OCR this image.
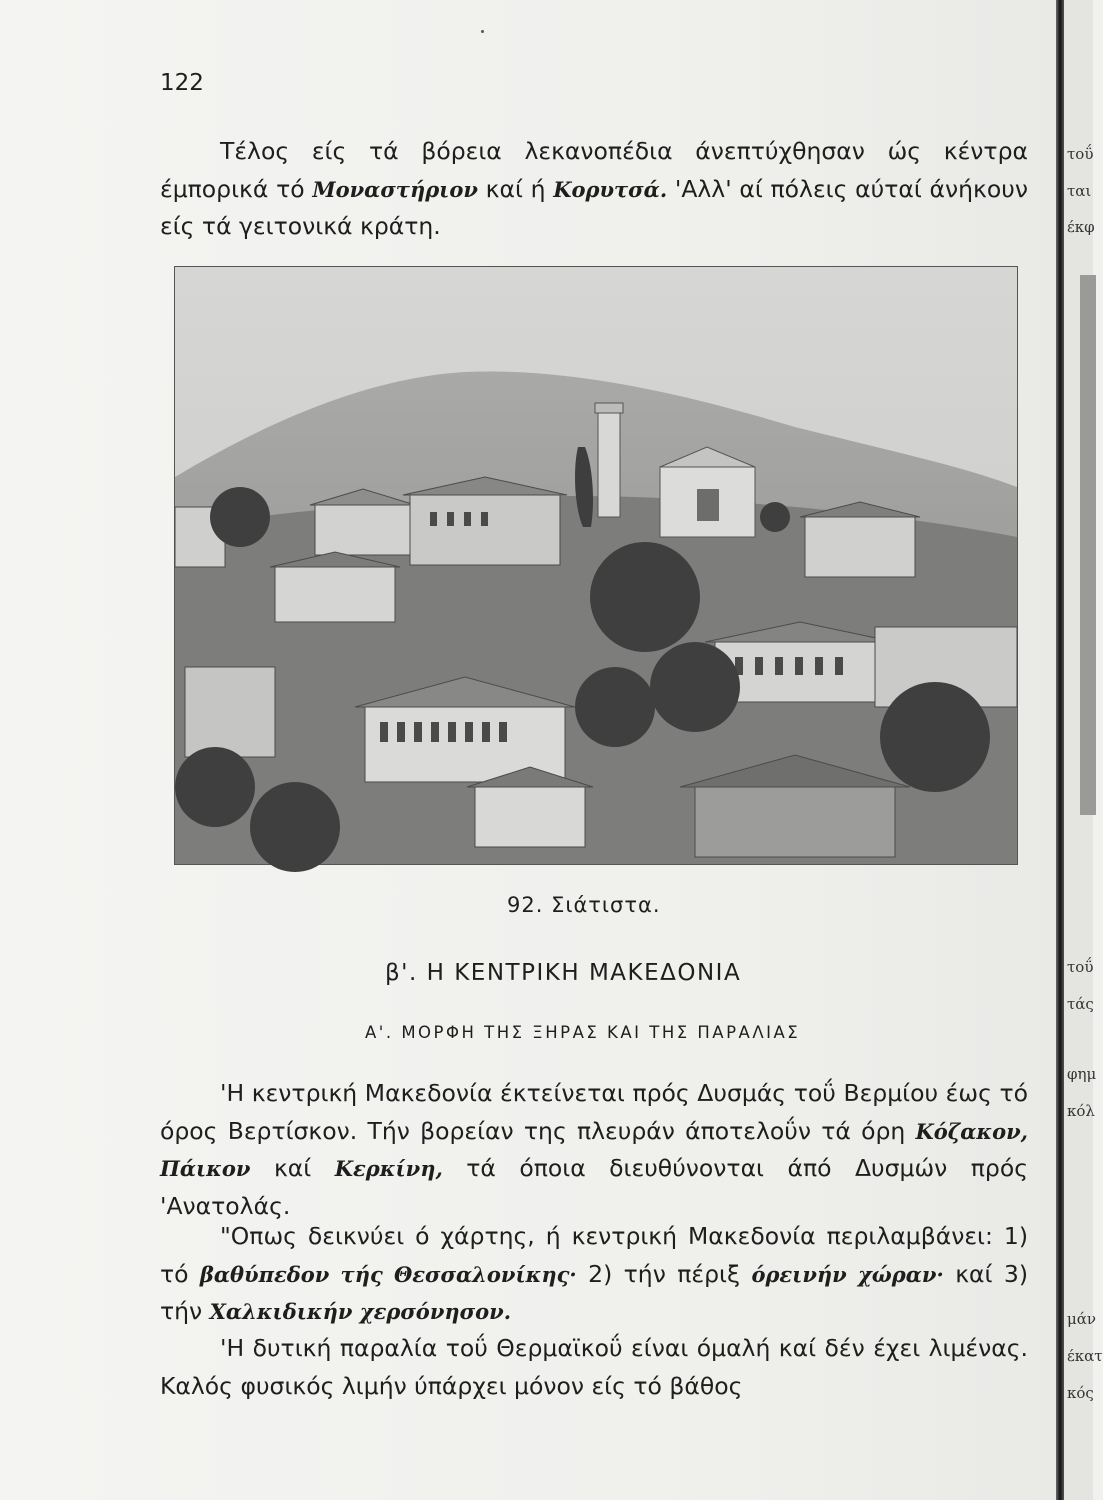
122

Τέλος είς τά βόρεια λεκανοπέδια άνεπτύχθησαν ώς κέντρα έμπορικά τό Μοναστήριον καί ή Κορυτσά. 'Αλλ' αί πόλεις αύταί άνήκουν είς τά γειτονικά κράτη.

92. Σιάτιστα.
β'. Η ΚΕΝΤΡΙΚΗ ΜΑΚΕΔΟΝΙΑ
Α'. ΜΟΡΦΗ ΤΗΣ ΞΗΡΑΣ ΚΑΙ ΤΗΣ ΠΑΡΑΛΙΑΣ

'Η κεντρική Μακεδονία έκτείνεται πρός Δυσμάς τοΰ Βερμίου έως τό όρος Βερτίσκον. Τήν βορείαν της πλευράν άποτελοΰν τά όρη Κόζακον, Πάικον καί Κερκίνη, τά όποια διευθύνονται άπό Δυσμών πρός 'Ανατολάς.

"Οπως δεικνύει ό χάρτης, ή κεντρική Μακεδονία περιλαμβάνει: 1) τό βαθύπεδον τής Θεσσαλονίκης· 2) τήν πέριξ όρεινήν χώραν· καί 3) τήν Χαλκιδικήν χερσόνησον.

'Η δυτική παραλία τοΰ Θερμαϊκοΰ είναι όμαλή καί δέν έχει λιμένας. Καλός φυσικός λιμήν ύπάρχει μόνον είς τό βάθος

τοΰ
ται
έκφ
τοΰ
τάς
φημ
κόλ
μάν
έκατ
κός
